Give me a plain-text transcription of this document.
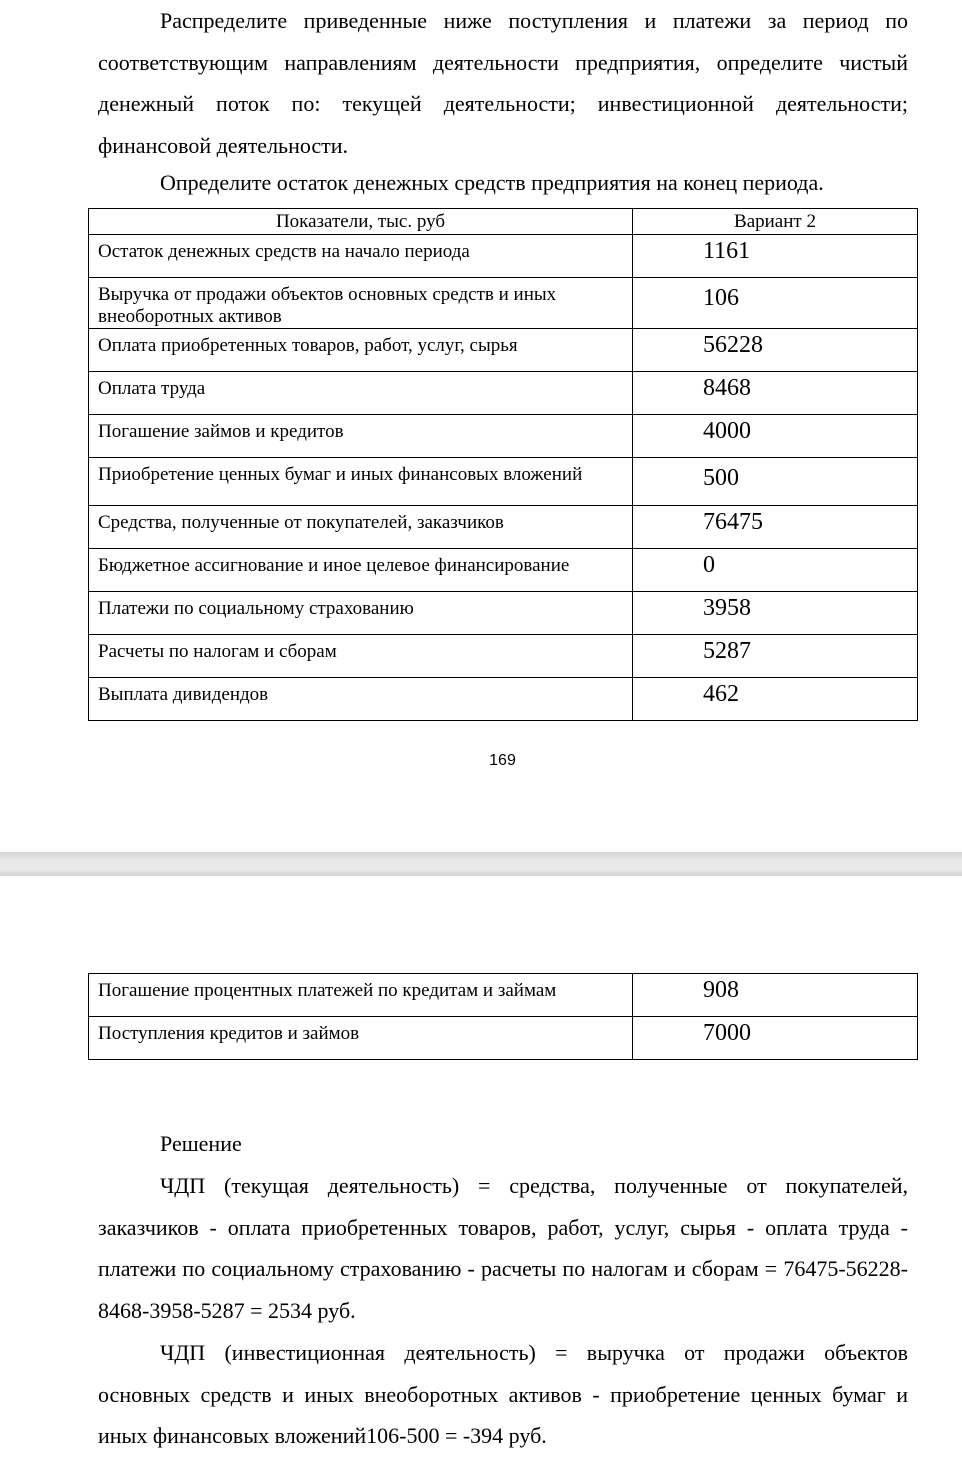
Распределите приведенные ниже поступления и платежи за период по соответствующим направлениям деятельности предприятия, определите чистый денежный поток по: текущей деятельности; инвестиционной деятельности; финансовой деятельности.

Определите остаток денежных средств предприятия на конец периода.

Показатели, тыс. руб	Вариант 2
Остаток денежных средств на начало периода	1161
Выручка от продажи объектов основных средств и иных внеоборотных активов	106
Оплата приобретенных товаров, работ, услуг, сырья	56228
Оплата труда	8468
Погашение займов и кредитов	4000
Приобретение ценных бумаг и иных финансовых вложений	500
Средства, полученные от покупателей, заказчиков	76475
Бюджетное ассигнование и иное целевое финансирование	0
Платежи по социальному страхованию	3958
Расчеты по налогам и сборам	5287
Выплата дивидендов	462
169
Погашение процентных платежей по кредитам и займам	908
Поступления кредитов и займов	7000

Решение

ЧДП (текущая деятельность) = средства, полученные от покупателей, заказчиков - оплата приобретенных товаров, работ, услуг, сырья - оплата труда - платежи по социальному страхованию - расчеты по налогам и сборам = 76475-56228-8468-3958-5287 = 2534 руб.

ЧДП (инвестиционная деятельность) = выручка от продажи объектов основных средств и иных внеоборотных активов - приобретение ценных бумаг и иных финансовых вложений106-500 = -394 руб.
